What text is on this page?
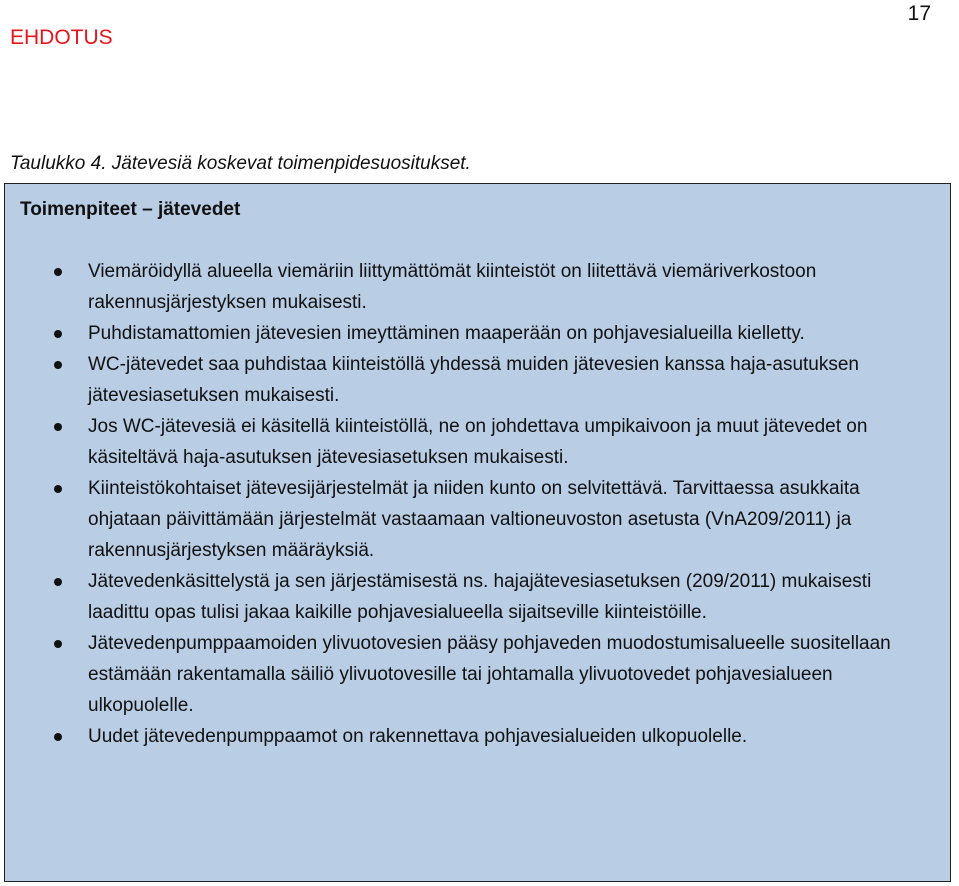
EHDOTUS
17
Taulukko 4. Jätevesiä koskevat toimenpidesuositukset.
Toimenpiteet – jätevedet
Viemäröidyllä alueella viemäriin liittymättömät kiinteistöt on liitettävä viemäriverkostoon rakennusjärjestyksen mukaisesti.
Puhdistamattomien jätevesien imeyttäminen maaperään on pohjavesialueilla kielletty.
WC-jätevedet saa puhdistaa kiinteistöllä yhdessä muiden jätevesien kanssa haja-asutuksen jätevesiasetuksen mukaisesti.
Jos WC-jätevesiä ei käsitellä kiinteistöllä, ne on johdettava umpikaivoon ja muut jätevedet on käsiteltävä haja-asutuksen jätevesiasetuksen mukaisesti.
Kiinteistökohtaiset jätevesijärjestelmät ja niiden kunto on selvitettävä. Tarvittaessa asukkaita ohjataan päivittämään järjestelmät vastaamaan valtioneuvoston asetusta (VnA209/2011) ja rakennusjärjestyksen määräyksiä.
Jätevedenkäsittelystä ja sen järjestämisestä ns. hajajätevesiasetuksen (209/2011) mukaisesti laadittu opas tulisi jakaa kaikille pohjavesialueella sijaitseville kiinteistöille.
Jätevedenpumppaamoiden ylivuotovesien pääsy pohjaveden muodostumisalueelle suositellaan estämään rakentamalla säiliö ylivuotovesille tai johtamalla ylivuotovedet pohjavesialueen ulkopuolelle.
Uudet jätevedenpumppaamot on rakennettava pohjavesialueiden ulkopuolelle.
